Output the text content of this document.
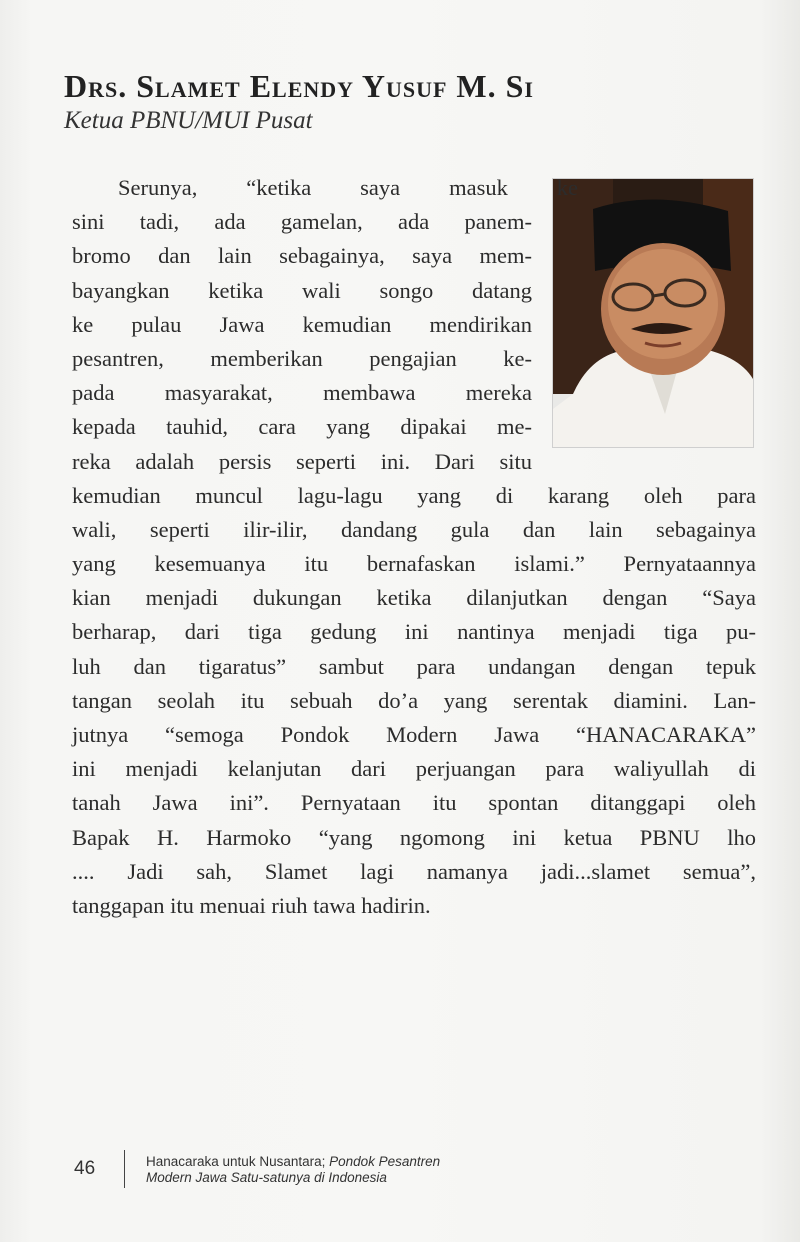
Drs. Slamet Elendy Yusuf M. Si
Ketua PBNU/MUI Pusat
Serunya, “ketika saya masuk ke
sini tadi, ada gamelan, ada panem-
bromo dan lain sebagainya, saya mem-
bayangkan ketika wali songo datang
ke pulau Jawa kemudian mendirikan
pesantren, memberikan pengajian ke-
pada masyarakat, membawa mereka
kepada tauhid, cara yang dipakai me-
reka adalah persis seperti ini. Dari situ
kemudian muncul lagu-lagu yang di karang oleh para
wali, seperti ilir-ilir, dandang gula dan lain sebagainya
yang kesemuanya itu bernafaskan islami.” Pernyataannya
kian menjadi dukungan ketika dilanjutkan dengan “Saya
berharap, dari tiga gedung ini nantinya menjadi tiga pu-
luh dan tigaratus” sambut para undangan dengan tepuk
tangan seolah itu sebuah do’a yang serentak diamini. Lan-
jutnya “semoga Pondok Modern Jawa “HANACARAKA”
ini menjadi kelanjutan dari perjuangan para waliyullah di
tanah Jawa ini”. Pernyataan itu spontan ditanggapi oleh
Bapak H. Harmoko “yang ngomong ini ketua PBNU lho
.... Jadi sah, Slamet lagi namanya jadi...slamet semua”,
tanggapan itu menuai riuh tawa hadirin.
46	Hanacaraka untuk Nusantara; Pondok Pesantren
Modern Jawa Satu-satunya di Indonesia
